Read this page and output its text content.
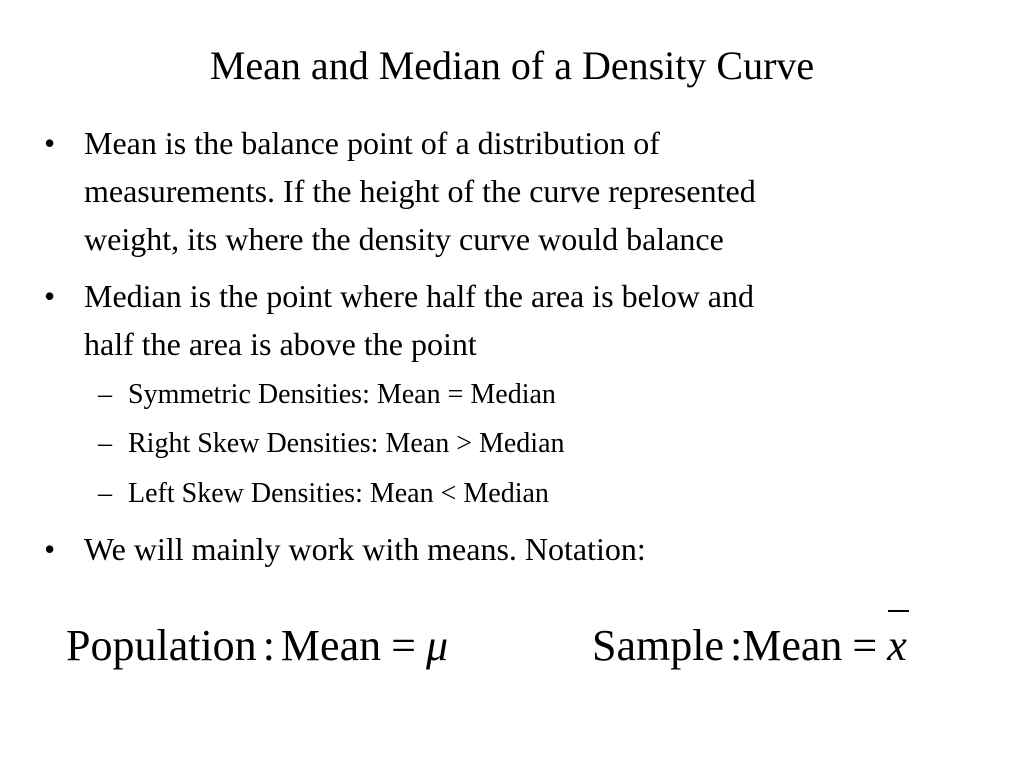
Mean and Median of a Density Curve
• Mean is the balance point of a distribution of
measurements. If the height of the curve represented
weight, its where the density curve would balance
• Median is the point where half the area is below and
half the area is above the point
– Symmetric Densities: Mean = Median
– Right Skew Densities: Mean > Median
– Left Skew Densities: Mean < Median
• We will mainly work with means. Notation:
Population : Mean = μ	Sample :Mean = x
